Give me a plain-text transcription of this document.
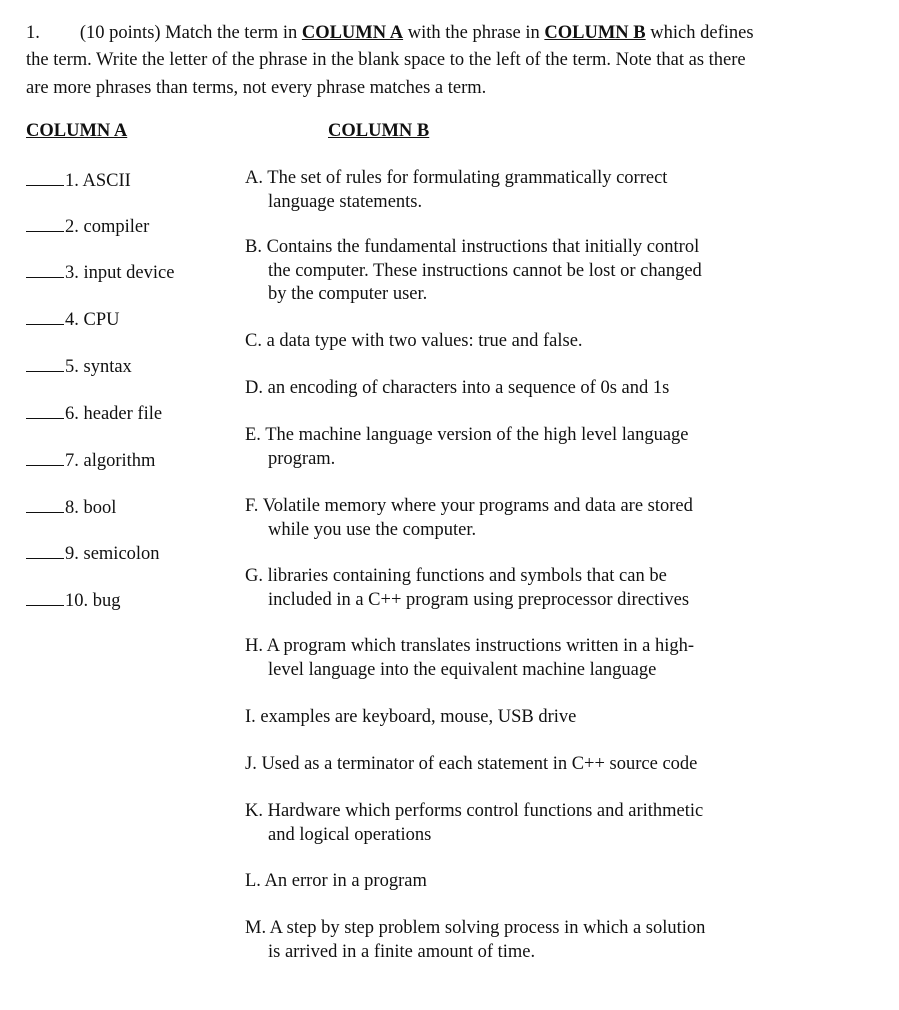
1. (10 points) Match the term in COLUMN A with the phrase in COLUMN B which defines
the term. Write the letter of the phrase in the blank space to the left of the term. Note that as there
are more phrases than terms, not every phrase matches a term.
COLUMN A	COLUMN B
1. ASCII
2. compiler
3. input device
4. CPU
5. syntax
6. header file
7. algorithm
8. bool
9. semicolon
10. bug
A. The set of rules for formulating grammatically correct
language statements.
B. Contains the fundamental instructions that initially control
the computer. These instructions cannot be lost or changed
by the computer user.
C. a data type with two values: true and false.
D. an encoding of characters into a sequence of 0s and 1s
E. The machine language version of the high level language
program.
F. Volatile memory where your programs and data are stored
while you use the computer.
G. libraries containing functions and symbols that can be
included in a C++ program using preprocessor directives
H. A program which translates instructions written in a high-
level language into the equivalent machine language
I. examples are keyboard, mouse, USB drive
J. Used as a terminator of each statement in C++ source code
K. Hardware which performs control functions and arithmetic
and logical operations
L. An error in a program
M. A step by step problem solving process in which a solution
is arrived in a finite amount of time.
